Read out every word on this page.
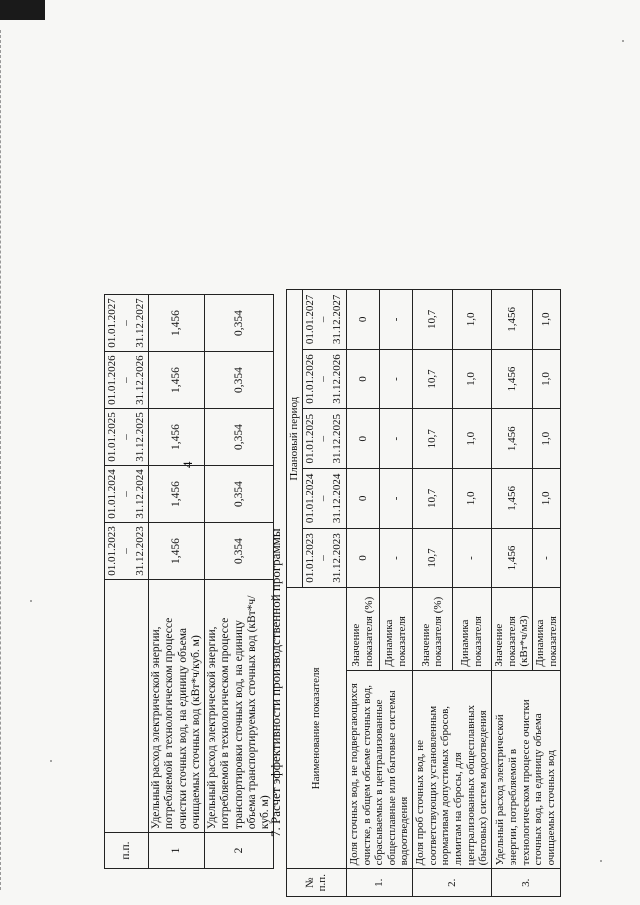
4
п.п.		01.01.2023 – 31.12.2023	01.01.2024 – 31.12.2024	01.01.2025 – 31.12.2025	01.01.2026 – 31.12.2026	01.01.2027 – 31.12.2027
1	Удельный расход электрической энергии, потребляемой в технологическом процессе очистки сточных вод, на единицу объема очищаемых сточных вод (кВт*ч/куб. м)	1,456	1,456	1,456	1,456	1,456
2	Удельный расход электрической энергии, потребляемой в технологическом процессе транспортировки сточных вод, на единицу объема транспортируемых сточных вод (кВт*ч/куб. м)	0,354	0,354	0,354	0,354	0,354
7. Расчет эффективности производственной программы
№ п.п.	Наименование показателя		Плановый период				
			01.01.2023 – 31.12.2023	01.01.2024 – 31.12.2024	01.01.2025 – 31.12.2025	01.01.2026 – 31.12.2026	01.01.2027 – 31.12.2027
1.	Доля сточных вод, не подвергающихся очистке, в общем объеме сточных вод, сбрасываемых в централизованные общесплавные или бытовые системы водоотведения	Значение показателя (%)	0	0	0	0	0
		Динамика показателя	-	-	-	-	-
2.	Доля проб сточных вод, не соответствующих установленным нормативам допустимых сбросов, лимитам на сбросы, для централизованных общесплавных (бытовых) систем водоотведения	Значение показателя (%)	10,7	10,7	10,7	10,7	10,7
		Динамика показателя	-	1,0	1,0	1,0	1,0
3.	Удельный расход электрической энергии, потребляемой в технологическом процессе очистки сточных вод, на единицу объема очищаемых сточных вод	Значение показателя (кВт*ч/м3)	1,456	1,456	1,456	1,456	1,456
		Динамика показателя	-	1,0	1,0	1,0	1,0
